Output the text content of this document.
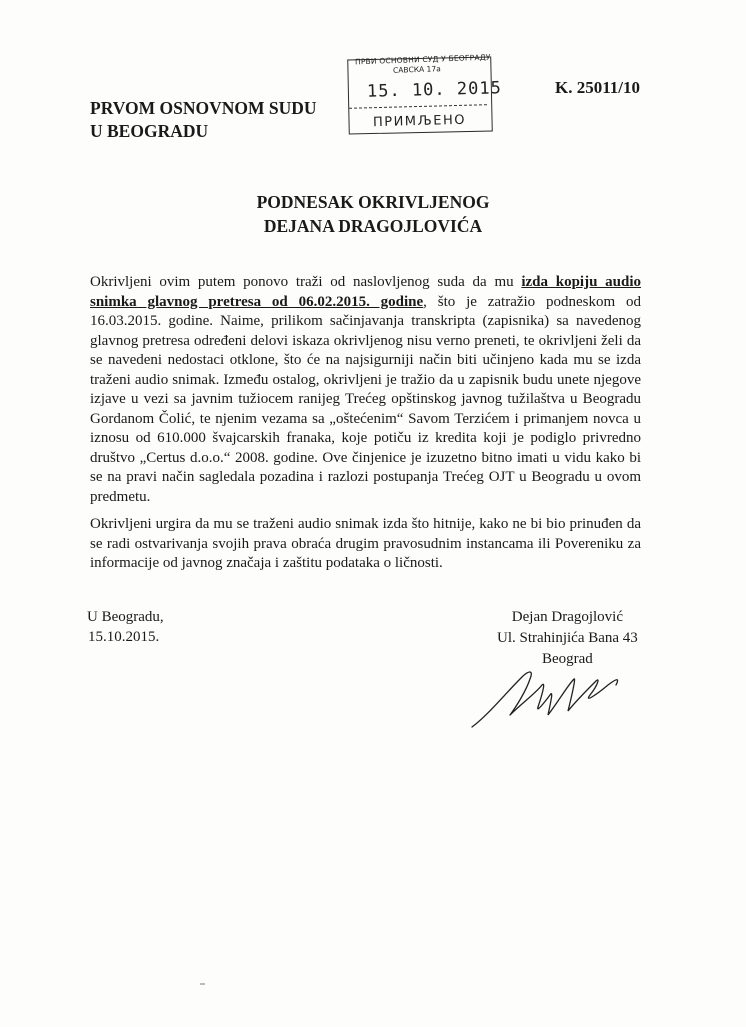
PRVOM OSNOVNOM SUDU
U BEOGRADU
K. 25011/10
ПРВИ ОСНОВНИ СУД У БЕОГРАДУ
САВСКА 17а
15. 10. 2015
ПРИМЉЕНО
PODNESAK OKRIVLJENOG
DEJANA DRAGOJLOVIĆA
Okrivljeni ovim putem ponovo traži od naslovljenog suda da mu izda kopiju audio snimka glavnog pretresa od 06.02.2015. godine, što je zatražio podneskom od 16.03.2015. godine. Naime, prilikom sačinjavanja transkripta (zapisnika) sa navedenog glavnog pretresa određeni delovi iskaza okrivljenog nisu verno preneti, te okrivljeni želi da se navedeni nedostaci otklone, što će na najsigurniji način biti učinjeno kada mu se izda traženi audio snimak. Između ostalog, okrivljeni je tražio da u zapisnik budu unete njegove izjave u vezi sa javnim tužiocem ranijeg Trećeg opštinskog javnog tužilaštva u Beogradu Gordanom Čolić, te njenim vezama sa „oštećenim“ Savom Terzićem i primanjem novca u iznosu od 610.000 švajcarskih franaka, koje potiču iz kredita koji je podiglo privredno društvo „Certus d.o.o.“ 2008. godine. Ove činjenice je izuzetno bitno imati u vidu kako bi se na pravi način sagledala pozadina i razlozi postupanja Trećeg OJT u Beogradu u ovom predmetu.
Okrivljeni urgira da mu se traženi audio snimak izda što hitnije, kako ne bi bio prinuđen da se radi ostvarivanja svojih prava obraća drugim pravosudnim instancama ili Povereniku za informacije od javnog značaja i zaštitu podataka o ličnosti.
U Beogradu,
15.10.2015.
Dejan Dragojlović
Ul. Strahinjića Bana 43
Beograd
